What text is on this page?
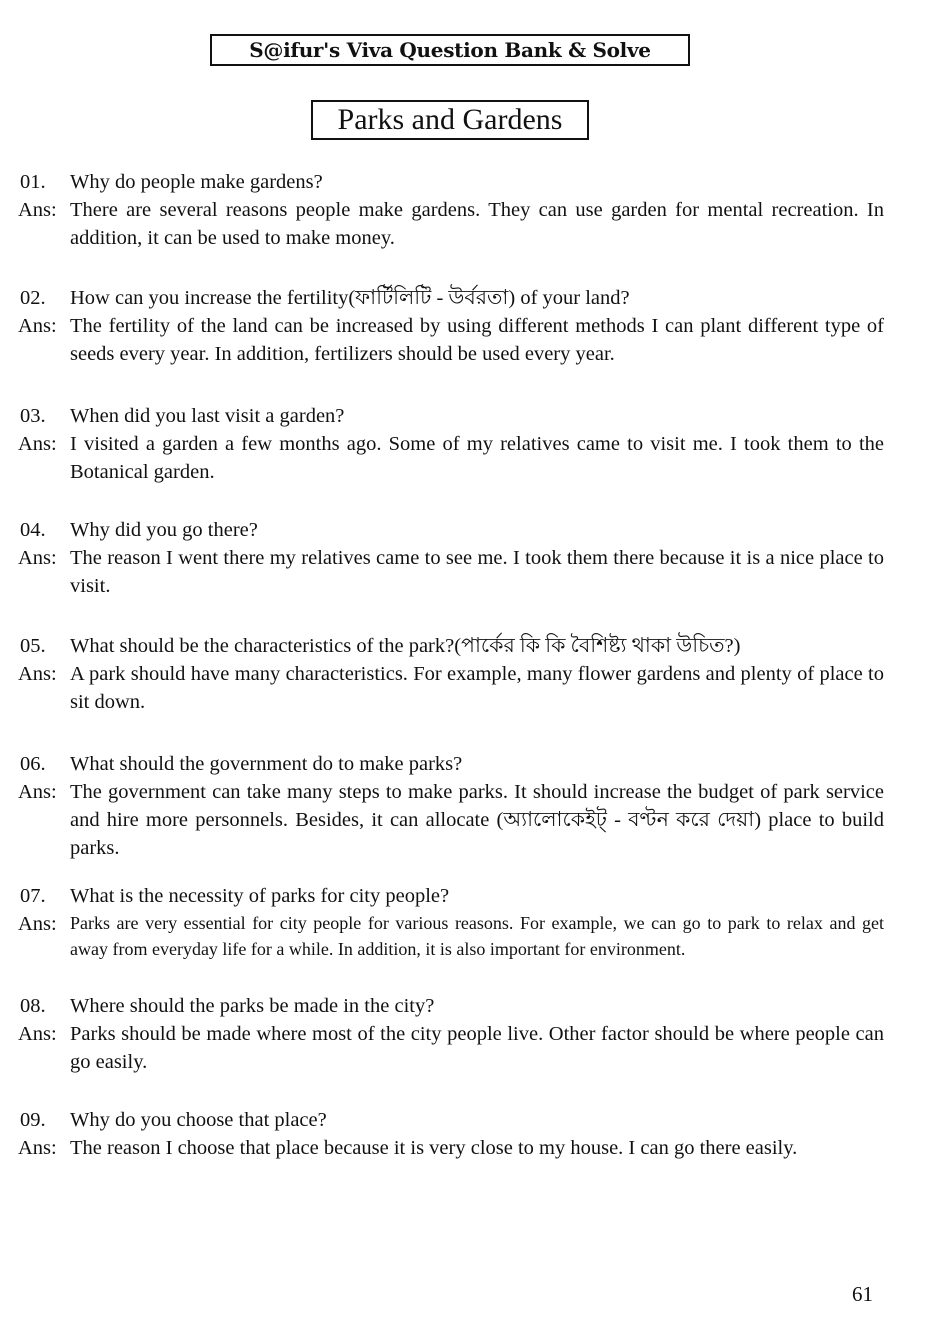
S@ifur's Viva Question Bank & Solve
Parks and Gardens
01. Why do people make gardens?
Ans: There are several reasons people make gardens. They can use garden for mental recreation. In addition, it can be used to make money.
02. How can you increase the fertility(ফার্টিলিটি - উর্বরতা) of your land?
Ans: The fertility of the land can be increased by using different methods I can plant different type of seeds every year. In addition, fertilizers should be used every year.
03. When did you last visit a garden?
Ans: I visited a garden a few months ago. Some of my relatives came to visit me. I took them to the Botanical garden.
04. Why did you go there?
Ans: The reason I went there my relatives came to see me. I took them there because it is a nice place to visit.
05. What should be the characteristics of the park?(পার্কের কি কি বৈশিষ্ট্য থাকা উচিত?)
Ans: A park should have many characteristics. For example, many flower gardens and plenty of place to sit down.
06. What should the government do to make parks?
Ans: The government can take many steps to make parks. It should increase the budget of park service and hire more personnels. Besides, it can allocate (অ্যালোকেইট্ - বণ্টন করে দেয়া) place to build parks.
07. What is the necessity of parks for city people?
Ans: Parks are very essential for city people for various reasons. For example, we can go to park to relax and get away from everyday life for a while. In addition, it is also important for environment.
08. Where should the parks be made in the city?
Ans: Parks should be made where most of the city people live. Other factor should be where people can go easily.
09. Why do you choose that place?
Ans: The reason I choose that place because it is very close to my house. I can go there easily.
61
